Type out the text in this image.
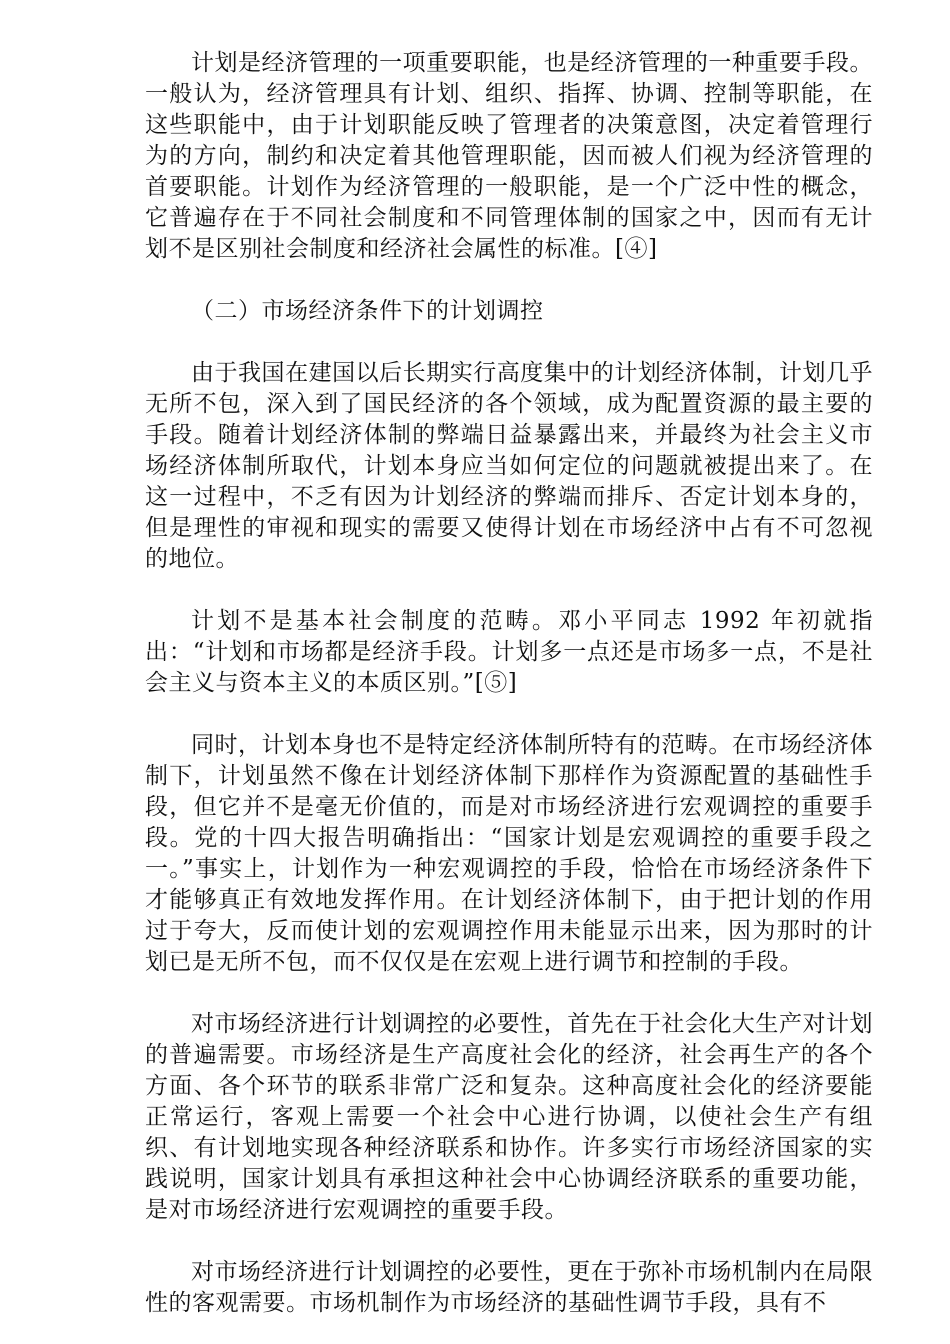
计划是经济管理的一项重要职能，也是经济管理的一种重要手段。一般认为，经济管理具有计划、组织、指挥、协调、控制等职能，在这些职能中，由于计划职能反映了管理者的决策意图，决定着管理行为的方向，制约和决定着其他管理职能，因而被人们视为经济管理的首要职能。计划作为经济管理的一般职能，是一个广泛中性的概念，它普遍存在于不同社会制度和不同管理体制的国家之中，因而有无计划不是区别社会制度和经济社会属性的标准。[④]

（二）市场经济条件下的计划调控

由于我国在建国以后长期实行高度集中的计划经济体制，计划几乎无所不包，深入到了国民经济的各个领域，成为配置资源的最主要的手段。随着计划经济体制的弊端日益暴露出来，并最终为社会主义市场经济体制所取代，计划本身应当如何定位的问题就被提出来了。在这一过程中，不乏有因为计划经济的弊端而排斥、否定计划本身的，但是理性的审视和现实的需要又使得计划在市场经济中占有不可忽视的地位。

计划不是基本社会制度的范畴。邓小平同志 1992 年初就指出：“计划和市场都是经济手段。计划多一点还是市场多一点，不是社会主义与资本主义的本质区别。”[⑤]

同时，计划本身也不是特定经济体制所特有的范畴。在市场经济体制下，计划虽然不像在计划经济体制下那样作为资源配置的基础性手段，但它并不是毫无价值的，而是对市场经济进行宏观调控的重要手段。党的十四大报告明确指出：“国家计划是宏观调控的重要手段之一。”事实上，计划作为一种宏观调控的手段，恰恰在市场经济条件下才能够真正有效地发挥作用。在计划经济体制下，由于把计划的作用过于夸大，反而使计划的宏观调控作用未能显示出来，因为那时的计划已是无所不包，而不仅仅是在宏观上进行调节和控制的手段。

对市场经济进行计划调控的必要性，首先在于社会化大生产对计划的普遍需要。市场经济是生产高度社会化的经济，社会再生产的各个方面、各个环节的联系非常广泛和复杂。这种高度社会化的经济要能正常运行，客观上需要一个社会中心进行协调，以使社会生产有组织、有计划地实现各种经济联系和协作。许多实行市场经济国家的实践说明，国家计划具有承担这种社会中心协调经济联系的重要功能，是对市场经济进行宏观调控的重要手段。

对市场经济进行计划调控的必要性，更在于弥补市场机制内在局限性的客观需要。市场机制作为市场经济的基础性调节手段，具有不
